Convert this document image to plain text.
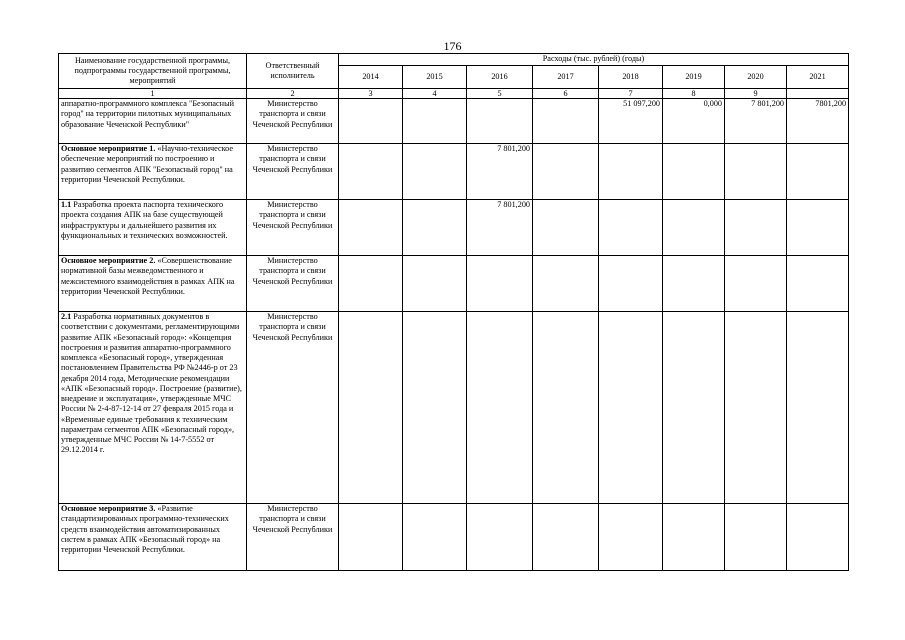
176
Наименование государственной программы, подпрограммы государственной программы, мероприятий	Ответственный исполнитель	Расходы (тыс. рублей) (годы)							
		2014	2015	2016	2017	2018	2019	2020	2021
1	2	3	4	5	6	7	8	9	
аппаратно-программного комплекса "Безопасный город" на территории пилотных муниципальных образование Чеченской Республики"	Министерство транспорта и связи Чеченской Республики					51 097,200	0,000	7 801,200	7801,200
Основное мероприятие 1. «Научно-техническое обеспечение мероприятий по построению и развитию сегментов АПК "Безопасный город" на территории Чеченской Республики.	Министерство транспорта и связи Чеченской Республики			7 801,200					
1.1 Разработка проекта паспорта технического проекта создания АПК на базе существующей инфраструктуры и дальнейшего развития их функциональных и технических возможностей.	Министерство транспорта и связи Чеченской Республики			7 801,200					
Основное мероприятие 2. «Совершенствование нормативной базы межведомственного и межсистемного взаимодействия в рамках АПК на территории Чеченской Республики.	Министерство транспорта и связи Чеченской Республики								
2.1 Разработка нормативных документов в соответствии с документами, регламентирующими развитие АПК «Безопасный город»: «Концепция построения и развития аппаратно-программного комплекса «Безопасный город», утвержденная постановлением Правительства РФ №2446-р от 23 декабря 2014 года, Методические рекомендации «АПК «Безопасный город». Построение (развитие), внедрение и эксплуатация», утвержденные МЧС России № 2-4-87-12-14 от 27 февраля 2015 года и «Временные единые требования к техническим параметрам сегментов АПК «Безопасный город», утвержденные МЧС России № 14-7-5552 от 29.12.2014 г.	Министерство транспорта и связи Чеченской Республики								
Основное мероприятие 3. «Развитие стандартизированных программно-технических средств взаимодействия автоматизированных систем в рамках АПК «Безопасный город» на территории Чеченской Республики.	Министерство транспорта и связи Чеченской Республики								
